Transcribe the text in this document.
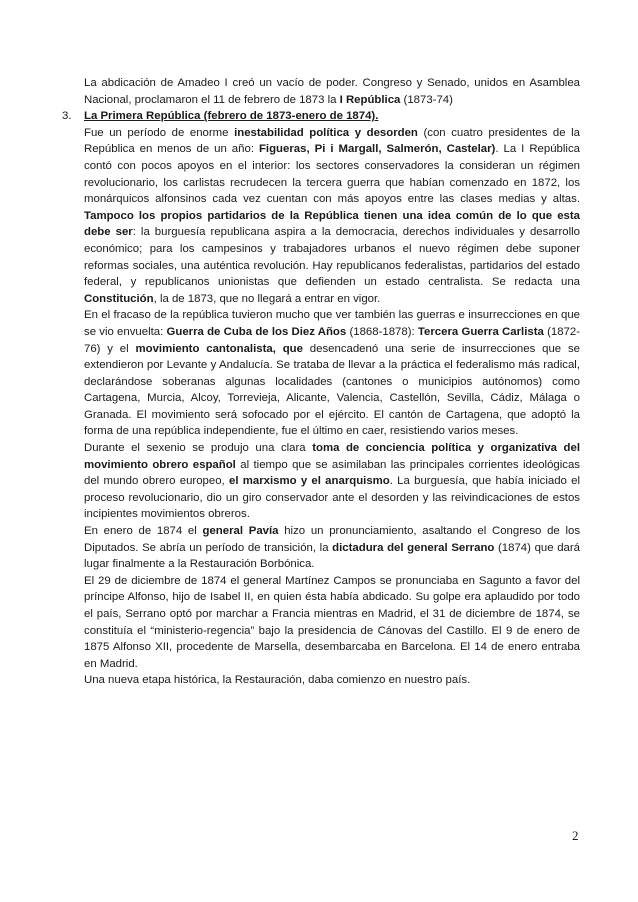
La abdicación de Amadeo I creó un vacío de poder. Congreso y Senado, unidos en Asamblea Nacional, proclamaron el 11 de febrero de 1873 la I República (1873-74)

3. La Primera República (febrero de 1873-enero de 1874).

Fue un período de enorme inestabilidad política y desorden (con cuatro presidentes de la República en menos de un año: Figueras, Pi i Margall, Salmerón, Castelar). La I República contó con pocos apoyos en el interior: los sectores conservadores la consideran un régimen revolucionario, los carlistas recrudecen la tercera guerra que habían comenzado en 1872, los monárquicos alfonsinos cada vez cuentan con más apoyos entre las clases medias y altas. Tampoco los propios partidarios de la República tienen una idea común de lo que esta debe ser: la burguesía republicana aspira a la democracia, derechos individuales y desarrollo económico; para los campesinos y trabajadores urbanos el nuevo régimen debe suponer reformas sociales, una auténtica revolución. Hay republicanos federalistas, partidarios del estado federal, y republicanos unionistas que defienden un estado centralista. Se redacta una Constitución, la de 1873, que no llegará a entrar en vigor.

En el fracaso de la república tuvieron mucho que ver también las guerras e insurrecciones en que se vio envuelta: Guerra de Cuba de los Diez Años (1868-1878): Tercera Guerra Carlista (1872-76) y el movimiento cantonalista, que desencadenó una serie de insurrecciones que se extendieron por Levante y Andalucía. Se trataba de llevar a la práctica el federalismo más radical, declarándose soberanas algunas localidades (cantones o municipios autónomos) como Cartagena, Murcia, Alcoy, Torrevieja, Alicante, Valencia, Castellón, Sevilla, Cádiz, Málaga o Granada. El movimiento será sofocado por el ejército. El cantón de Cartagena, que adoptó la forma de una república independiente, fue el último en caer, resistiendo varios meses.

Durante el sexenio se produjo una clara toma de conciencia política y organizativa del movimiento obrero español al tiempo que se asimilaban las principales corrientes ideológicas del mundo obrero europeo, el marxismo y el anarquismo. La burguesía, que había iniciado el proceso revolucionario, dio un giro conservador ante el desorden y las reivindicaciones de estos incipientes movimientos obreros.

En enero de 1874 el general Pavía hizo un pronunciamiento, asaltando el Congreso de los Diputados. Se abría un período de transición, la dictadura del general Serrano (1874) que dará lugar finalmente a la Restauración Borbónica.

El 29 de diciembre de 1874 el general Martínez Campos se pronunciaba en Sagunto a favor del príncipe Alfonso, hijo de Isabel II, en quien ésta había abdicado. Su golpe era aplaudido por todo el país, Serrano optó por marchar a Francia mientras en Madrid, el 31 de diciembre de 1874, se constituía el “ministerio-regencia” bajo la presidencia de Cánovas del Castillo. El 9 de enero de 1875 Alfonso XII, procedente de Marsella, desembarcaba en Barcelona. El 14 de enero entraba en Madrid.

Una nueva etapa histórica, la Restauración, daba comienzo en nuestro país.

2
